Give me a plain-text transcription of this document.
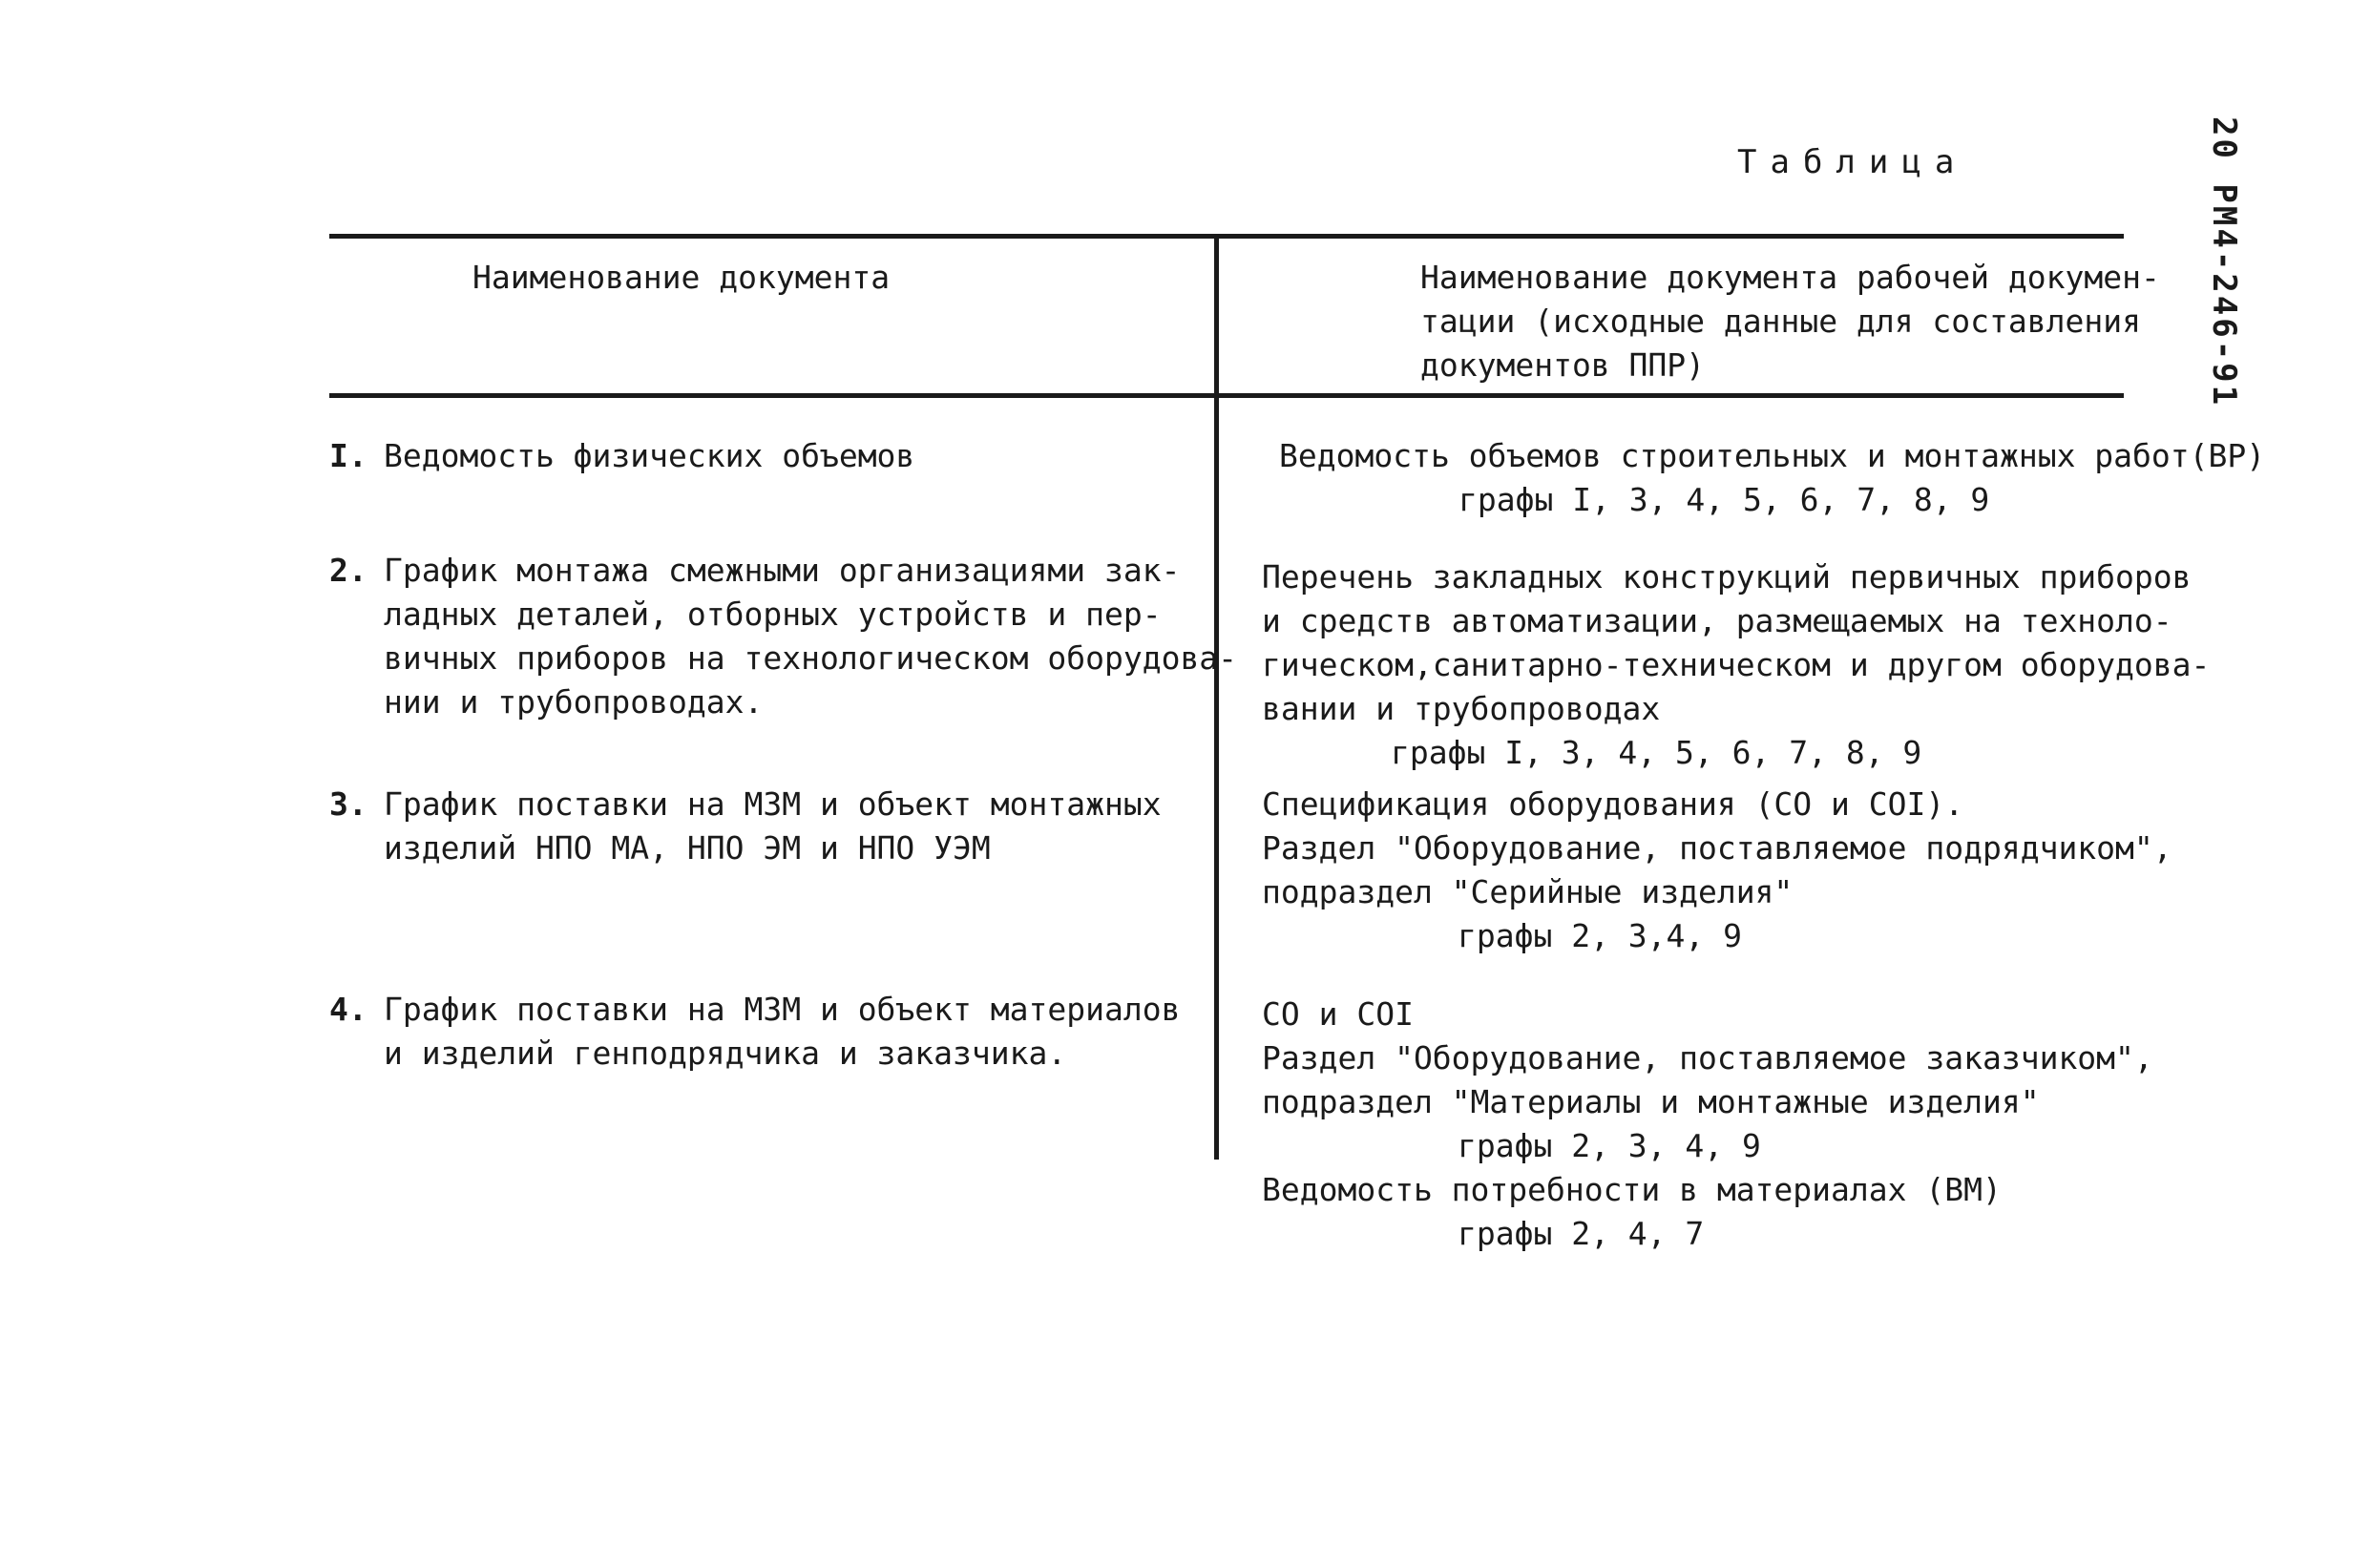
20 РМ4-246-91
Таблица
Наименование документа	Наименование документа рабочей докумен-
тации (исходные данные для составления
документов ППР)
I. Ведомость физических объемов	Ведомость объемов строительных и монтажных работ(ВР)
графы I, 3, 4, 5, 6, 7, 8, 9
2. График монтажа смежными организациями зак-
ладных деталей, отборных устройств и пер-
вичных приборов на технологическом оборудова-
нии и трубопроводах.
Перечень закладных конструкций первичных приборов
и средств автоматизации, размещаемых на техноло-
гическом,санитарно-техническом и другом оборудова-
вании и трубопроводах
графы I, 3, 4, 5, 6, 7, 8, 9
3. График поставки на МЗМ и объект монтажных
изделий НПО МА, НПО ЭМ и НПО УЭМ
Спецификация оборудования (СО и СОI).
Раздел "Оборудование, поставляемое подрядчиком",
подраздел "Серийные изделия"
графы 2, 3,4, 9
4. График поставки на МЗМ и объект материалов
и изделий генподрядчика и заказчика.
СО и СОI
Раздел "Оборудование, поставляемое заказчиком",
подраздел "Материалы и монтажные изделия"
графы 2, 3, 4, 9
Ведомость потребности в материалах (ВМ)
графы 2, 4, 7
